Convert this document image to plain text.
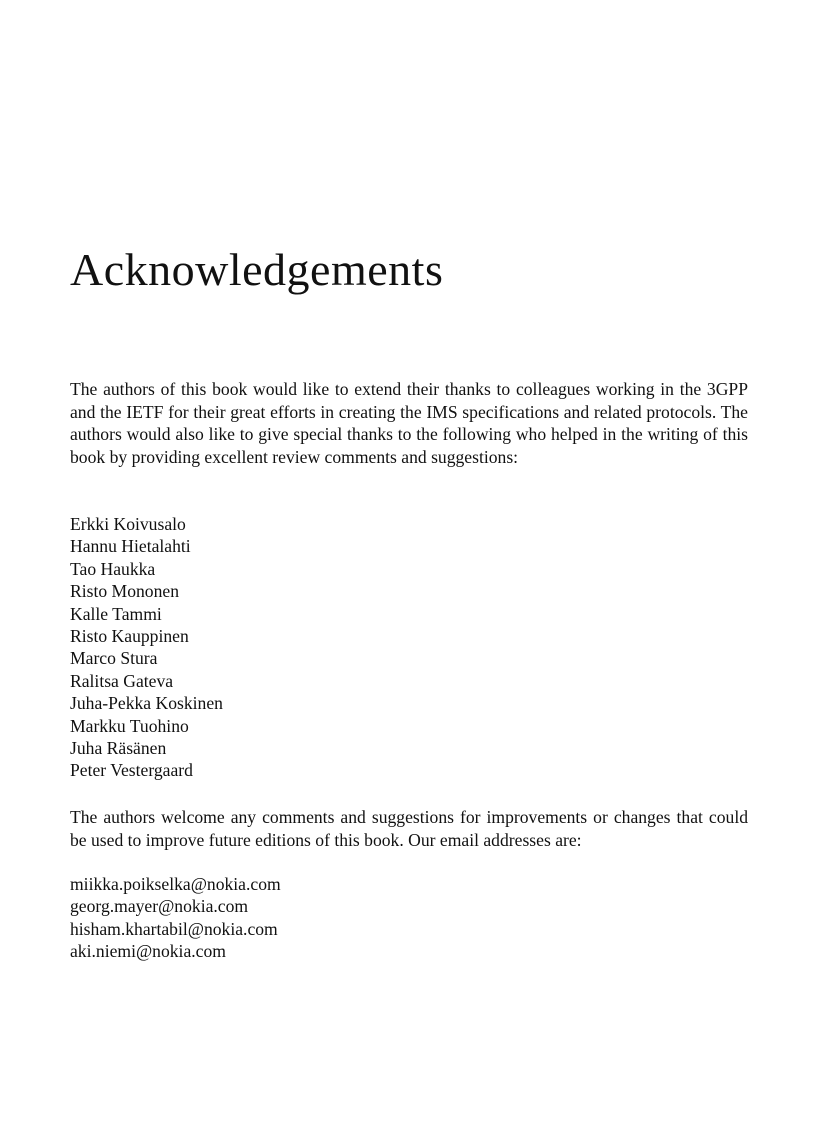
Acknowledgements

The authors of this book would like to extend their thanks to colleagues working in the 3GPP and the IETF for their great efforts in creating the IMS specifications and related protocols. The authors would also like to give special thanks to the following who helped in the writing of this book by providing excellent review comments and suggestions:

Erkki Koivusalo
Hannu Hietalahti
Tao Haukka
Risto Mononen
Kalle Tammi
Risto Kauppinen
Marco Stura
Ralitsa Gateva
Juha-Pekka Koskinen
Markku Tuohino
Juha Räsänen
Peter Vestergaard

The authors welcome any comments and suggestions for improvements or changes that could be used to improve future editions of this book. Our email addresses are:

miikka.poikselka@nokia.com
georg.mayer@nokia.com
hisham.khartabil@nokia.com
aki.niemi@nokia.com
